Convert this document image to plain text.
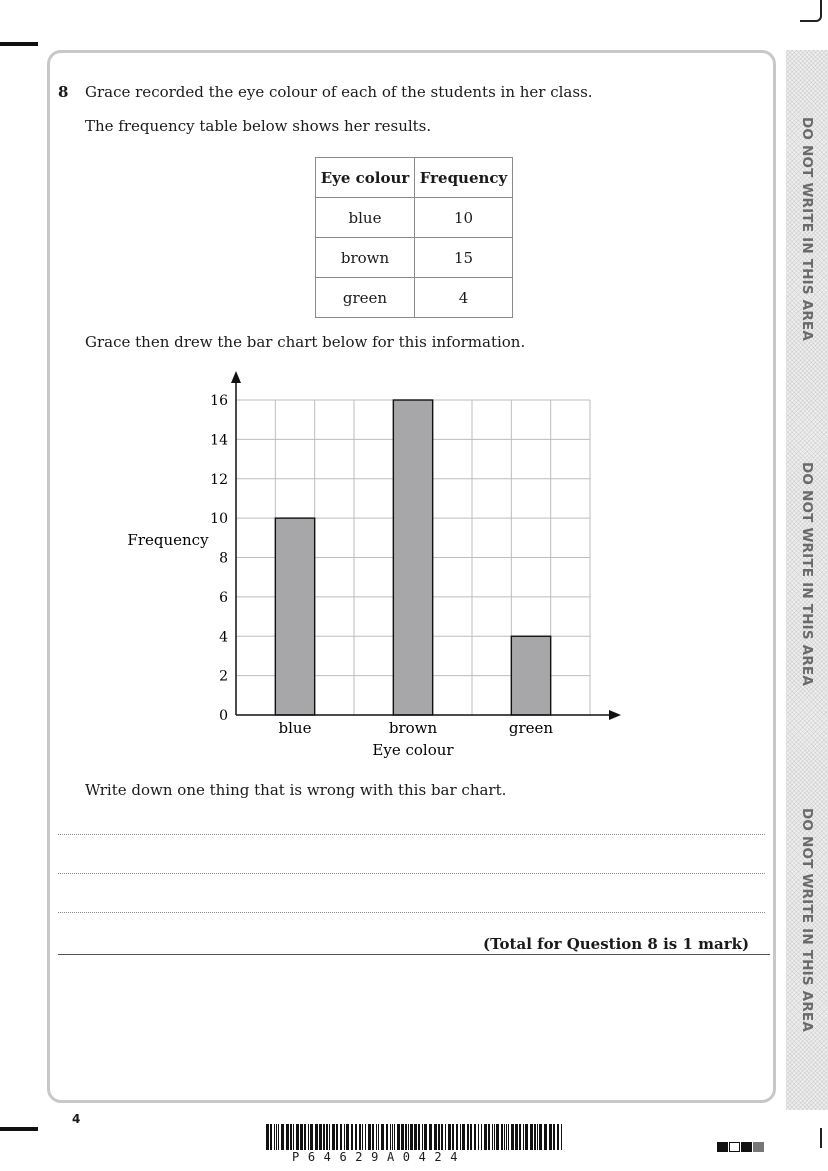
DO NOT WRITE IN THIS AREA
DO NOT WRITE IN THIS AREA
DO NOT WRITE IN THIS AREA
8 Grace recorded the eye colour of each of the students in her class.
The frequency table below shows her results.
Eye colour	Frequency
blue	10
brown	15
green	4
Grace then drew the bar chart below for this information.
0
2
4
6
8
10
12
14
16
blue	brown	green
Frequency
Eye colour
Write down one thing that is wrong with this bar chart.
(Total for Question 8 is 1 mark)
4
P64629A0424
